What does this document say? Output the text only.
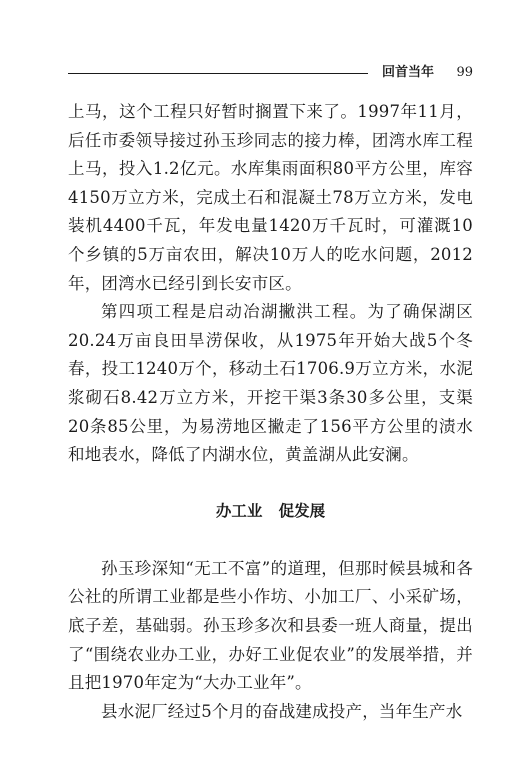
回首当年 99

上马，这个工程只好暂时搁置下来了。1997年11月，后任市委领导接过孙玉珍同志的接力棒，团湾水库工程上马，投入1.2亿元。水库集雨面积80平方公里，库容4150万立方米，完成土石和混凝土78万立方米，发电装机4400千瓦，年发电量1420万千瓦时，可灌溉10个乡镇的5万亩农田，解决10万人的吃水问题，2012年，团湾水已经引到长安市区。

第四项工程是启动冶湖撇洪工程。为了确保湖区20.24万亩良田旱涝保收，从1975年开始大战5个冬春，投工1240万个，移动土石1706.9万立方米，水泥浆砌石8.42万立方米，开挖干渠3条30多公里，支渠20条85公里，为易涝地区撇走了156平方公里的渍水和地表水，降低了内湖水位，黄盖湖从此安澜。

办工业   促发展

孙玉珍深知“无工不富”的道理，但那时候县城和各公社的所谓工业都是些小作坊、小加工厂、小采矿场，底子差，基础弱。孙玉珍多次和县委一班人商量，提出了“围绕农业办工业，办好工业促农业”的发展举措，并且把1970年定为“大办工业年”。

县水泥厂经过5个月的奋战建成投产，当年生产水
